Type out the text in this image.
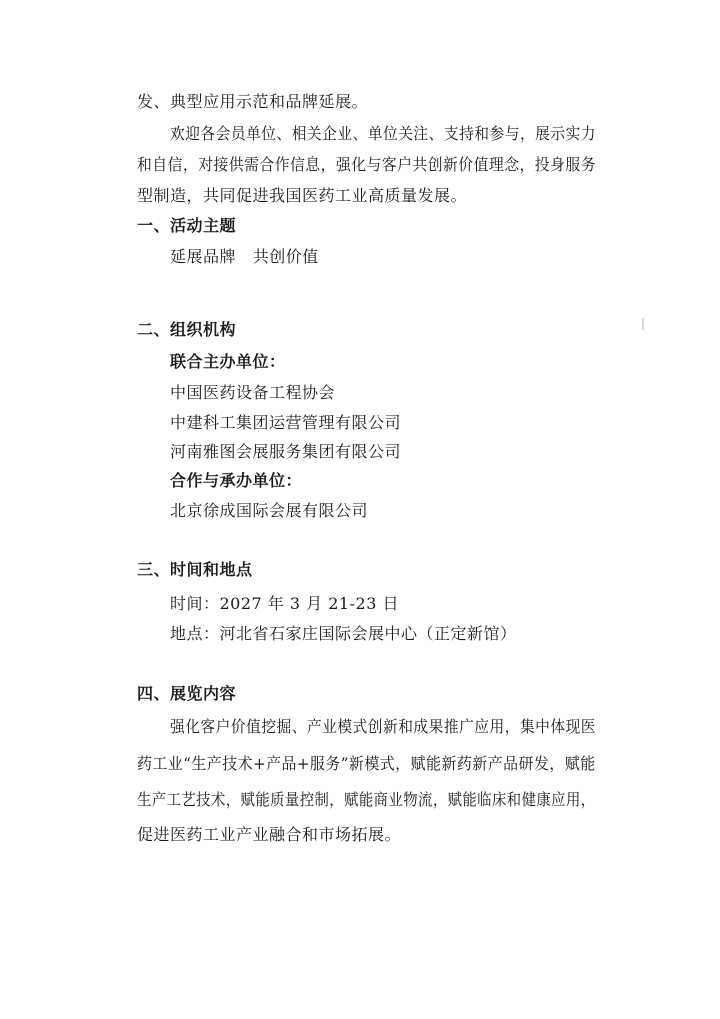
发、典型应用示范和品牌延展。
欢迎各会员单位、相关企业、单位关注、支持和参与，展示实力
和自信，对接供需合作信息，强化与客户共创新价值理念，投身服务
型制造，共同促进我国医药工业高质量发展。
一、活动主题
延展品牌   共创价值
二、组织机构
联合主办单位：
中国医药设备工程协会
中建科工集团运营管理有限公司
河南雅图会展服务集团有限公司
合作与承办单位：
北京徐成国际会展有限公司
三、时间和地点
时间：2027 年 3 月 21-23 日
地点：河北省石家庄国际会展中心（正定新馆）
四、展览内容
强化客户价值挖掘、产业模式创新和成果推广应用，集中体现医
药工业“生产技术+产品+服务”新模式，赋能新药新产品研发，赋能
生产工艺技术，赋能质量控制，赋能商业物流，赋能临床和健康应用，
促进医药工业产业融合和市场拓展。
